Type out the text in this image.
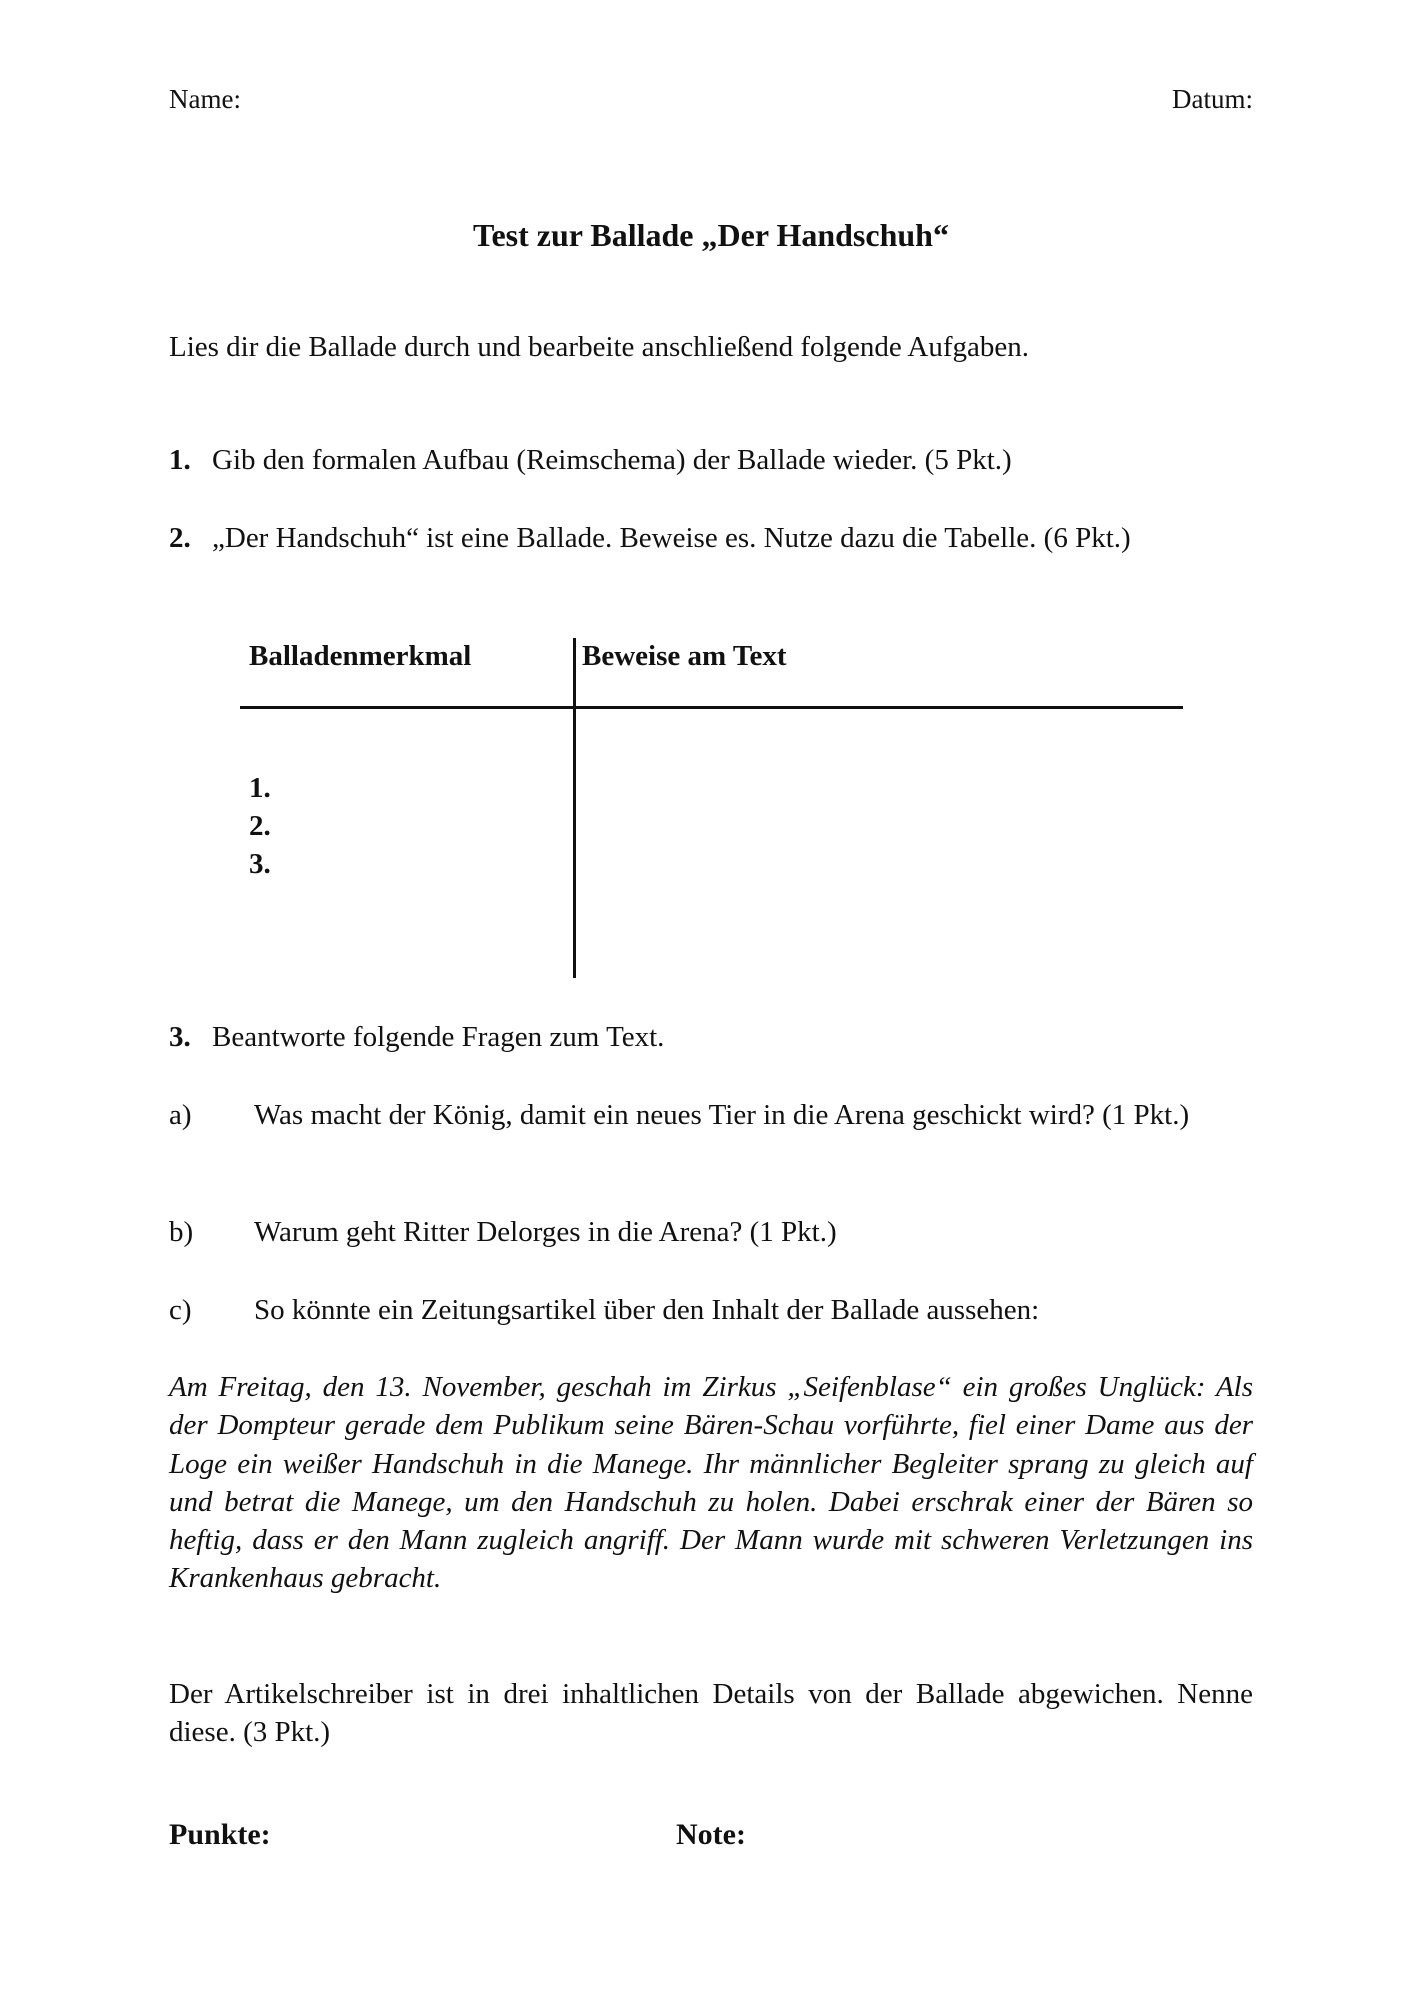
Name:	Datum:
Test zur Ballade „Der Handschuh“
Lies dir die Ballade durch und bearbeite anschließend folgende Aufgaben.
1. Gib den formalen Aufbau (Reimschema) der Ballade wieder. (5 Pkt.)
2. „Der Handschuh“ ist eine Ballade. Beweise es. Nutze dazu die Tabelle. (6 Pkt.)
Balladenmerkmal	Beweise am Text
1.
2.
3.
3. Beantworte folgende Fragen zum Text.
a) Was macht der König, damit ein neues Tier in die Arena geschickt wird? (1 Pkt.)
b) Warum geht Ritter Delorges in die Arena? (1 Pkt.)
c) So könnte ein Zeitungsartikel über den Inhalt der Ballade aussehen:
Am Freitag, den 13. November, geschah im Zirkus „Seifenblase“ ein großes Unglück: Als der Dompteur gerade dem Publikum seine Bären-Schau vorführte, fiel einer Dame aus der Loge ein weißer Handschuh in die Manege. Ihr männlicher Begleiter sprang zu gleich auf und betrat die Manege, um den Handschuh zu holen. Dabei erschrak einer der Bären so heftig, dass er den Mann zugleich angriff. Der Mann wurde mit schweren Verletzungen ins Krankenhaus gebracht.
Der Artikelschreiber ist in drei inhaltlichen Details von der Ballade abgewichen. Nenne diese. (3 Pkt.)
Punkte:	Note:
